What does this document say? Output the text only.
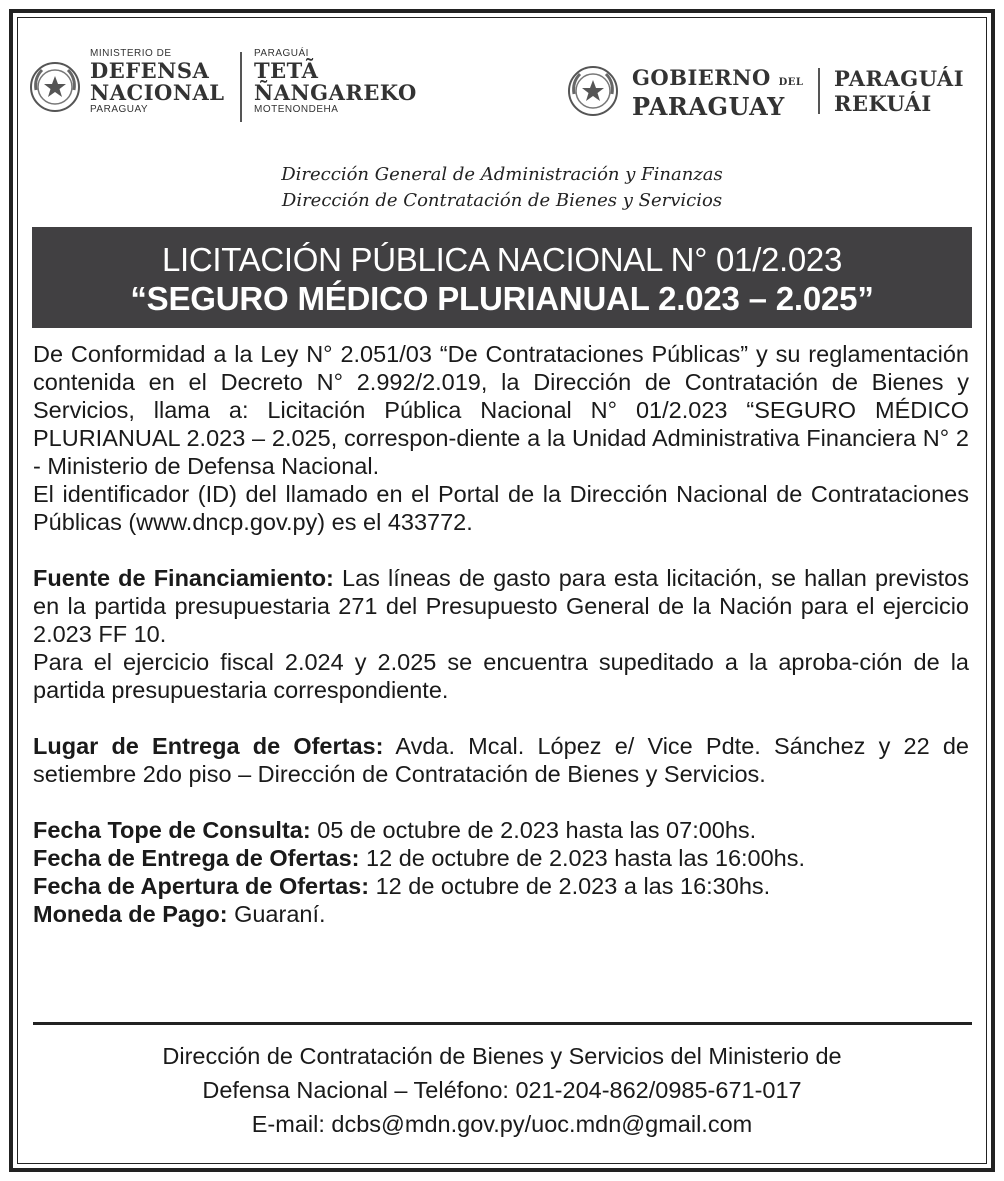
MINISTERIO DE
DEFENSA
NACIONAL
PARAGUAY
PARAGUÁI
TETÃ
ÑANGAREKO
MOTENONDEHA
GOBIERNO DEL
PARAGUAY
PARAGUÁI
REKUÁI
Dirección General de Administración y Finanzas
Dirección de Contratación de Bienes y Servicios
LICITACIÓN PÚBLICA NACIONAL N° 01/2.023
“SEGURO MÉDICO PLURIANUAL 2.023 – 2.025”

De Conformidad a la Ley N° 2.051/03 “De Contrataciones Públicas” y su reglamentación contenida en el Decreto N° 2.992/2.019, la Dirección de Contratación de Bienes y Servicios, llama a: Licitación Pública Nacional N° 01/2.023 “SEGURO MÉDICO PLURIANUAL 2.023 – 2.025, correspon-diente a la Unidad Administrativa Financiera N° 2 - Ministerio de Defensa Nacional.

El identificador (ID) del llamado en el Portal de la Dirección Nacional de Contrataciones Públicas (www.dncp.gov.py) es el 433772.

Fuente de Financiamiento: Las líneas de gasto para esta licitación, se hallan previstos en la partida presupuestaria 271 del Presupuesto General de la Nación para el ejercicio 2.023 FF 10.

Para el ejercicio fiscal 2.024 y 2.025 se encuentra supeditado a la aproba-ción de la partida presupuestaria correspondiente.

Lugar de Entrega de Ofertas: Avda. Mcal. López e/ Vice Pdte. Sánchez y 22 de setiembre 2do piso – Dirección de Contratación de Bienes y Servicios.

Fecha Tope de Consulta: 05 de octubre de 2.023 hasta las 07:00hs.

Fecha de Entrega de Ofertas: 12 de octubre de 2.023 hasta las 16:00hs.

Fecha de Apertura de Ofertas: 12 de octubre de 2.023 a las 16:30hs.

Moneda de Pago: Guaraní.

Dirección de Contratación de Bienes y Servicios del Ministerio de
Defensa Nacional – Teléfono: 021-204-862/0985-671-017
E-mail: dcbs@mdn.gov.py/uoc.mdn@gmail.com
